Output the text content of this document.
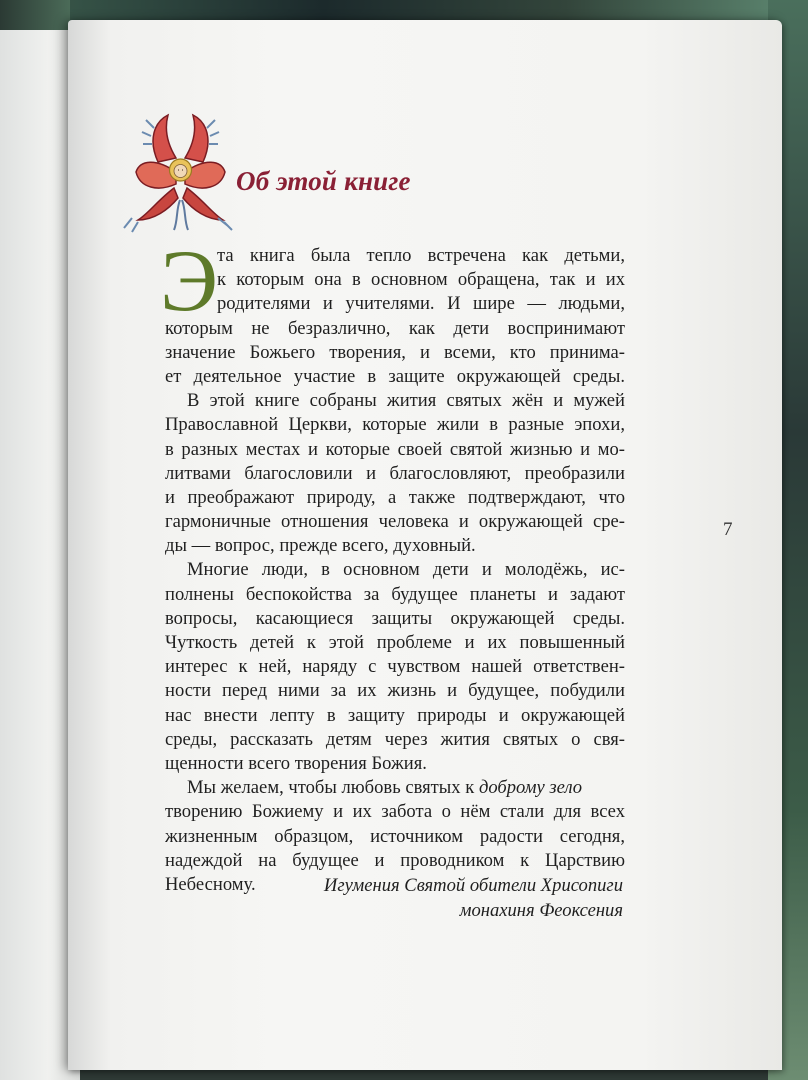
Об этой книге
Э
та книга была тепло встречена как детьми,
к которым она в основном обращена, так и их
родителями и учителями. И шире — людьми,
которым не безразлично, как дети воспринимают
значение Божьего творения, и всеми, кто принима-
ет деятельное участие в защите окружающей среды.
В этой книге собраны жития святых жён и мужей
Православной Церкви, которые жили в разные эпохи,
в разных местах и которые своей святой жизнью и мо-
литвами благословили и благословляют, преобразили
и преображают природу, а также подтверждают, что
гармоничные отношения человека и окружающей сре-
ды — вопрос, прежде всего, духовный.
Многие люди, в основном дети и молодёжь, ис-
полнены беспокойства за будущее планеты и задают
вопросы, касающиеся защиты окружающей среды.
Чуткость детей к этой проблеме и их повышенный
интерес к ней, наряду с чувством нашей ответствен-
ности перед ними за их жизнь и будущее, побудили
нас внести лепту в защиту природы и окружающей
среды, рассказать детям через жития святых о свя-
щенности всего творения Божия.
Мы желаем, чтобы любовь святых к доброму зело
творению Божиему и их забота о нём стали для всех
жизненным образцом, источником радости сегодня,
надеждой на будущее и проводником к Царствию
Небесному.	Игумения Святой обители Хрисопиги
монахиня Феоксения
7
